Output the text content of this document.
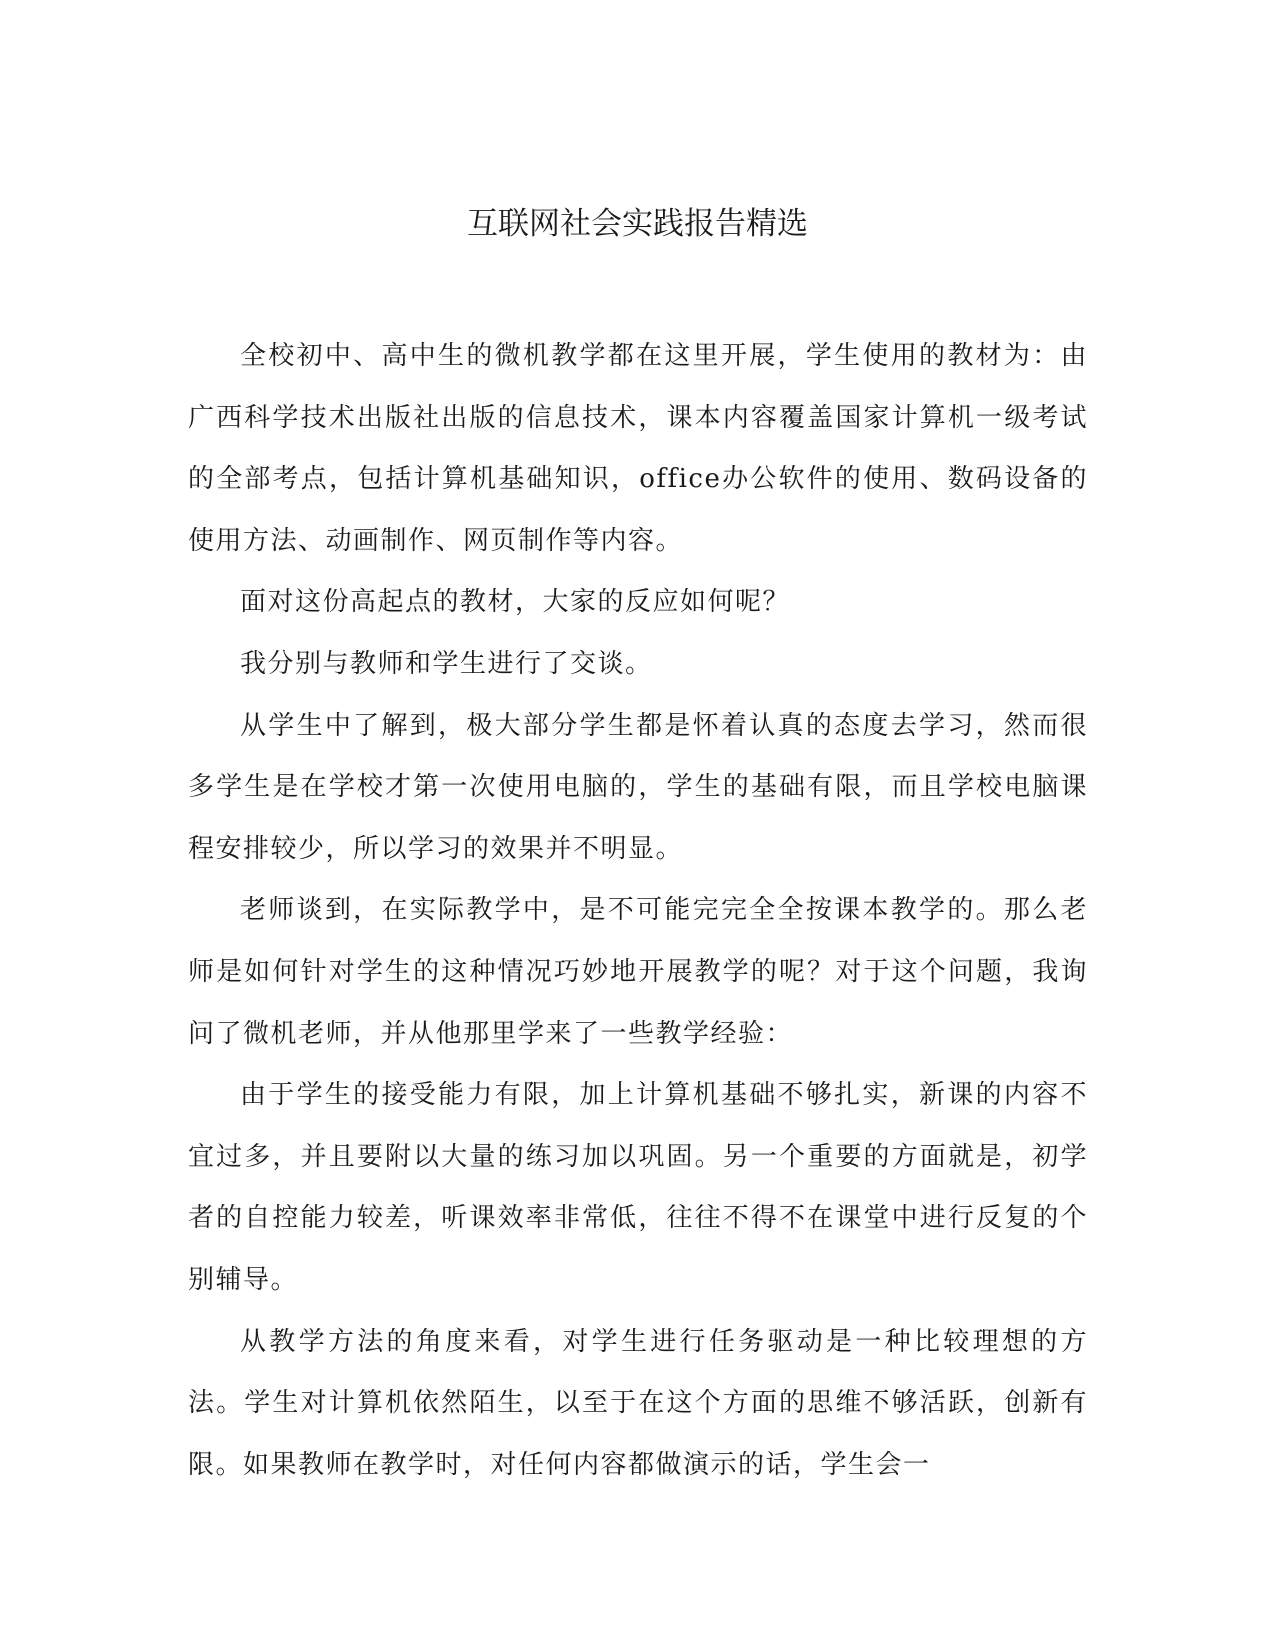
互联网社会实践报告精选

全校初中、高中生的微机教学都在这里开展，学生使用的教材为：由广西科学技术出版社出版的信息技术，课本内容覆盖国家计算机一级考试的全部考点，包括计算机基础知识，office办公软件的使用、数码设备的使用方法、动画制作、网页制作等内容。

面对这份高起点的教材，大家的反应如何呢？

我分别与教师和学生进行了交谈。

从学生中了解到，极大部分学生都是怀着认真的态度去学习，然而很多学生是在学校才第一次使用电脑的，学生的基础有限，而且学校电脑课程安排较少，所以学习的效果并不明显。

老师谈到，在实际教学中，是不可能完完全全按课本教学的。那么老师是如何针对学生的这种情况巧妙地开展教学的呢？对于这个问题，我询问了微机老师，并从他那里学来了一些教学经验：

由于学生的接受能力有限，加上计算机基础不够扎实，新课的内容不宜过多，并且要附以大量的练习加以巩固。另一个重要的方面就是，初学者的自控能力较差，听课效率非常低，往往不得不在课堂中进行反复的个别辅导。

从教学方法的角度来看，对学生进行任务驱动是一种比较理想的方法。学生对计算机依然陌生，以至于在这个方面的思维不够活跃，创新有限。如果教师在教学时，对任何内容都做演示的话，学生会一
